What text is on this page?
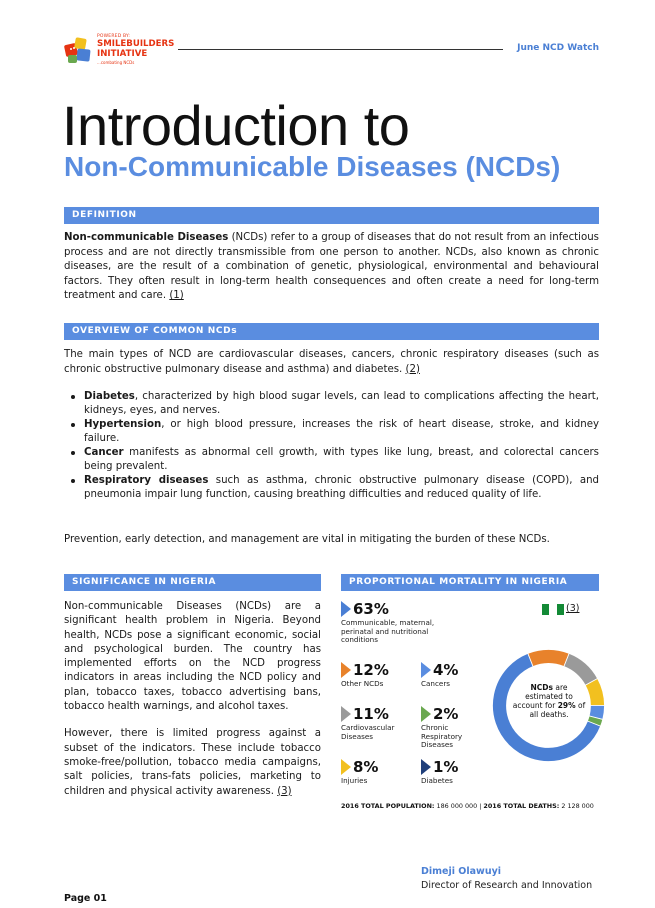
POWERED BY:
SMILEBUILDERS INITIATIVE
...combating NCDs
June NCD Watch
Introduction to
Non-Communicable Diseases (NCDs)
DEFINITION
Non-communicable Diseases (NCDs) refer to a group of diseases that do not result from an infectious process and are not directly transmissible from one person to another. NCDs, also known as chronic diseases, are the result of a combination of genetic, physiological, environmental and behavioural factors. They often result in long-term health consequences and often create a need for long-term treatment and care. (1)
OVERVIEW OF COMMON NCDs
The main types of NCD are cardiovascular diseases, cancers, chronic respiratory diseases (such as chronic obstructive pulmonary disease and asthma) and diabetes. (2)
Diabetes, characterized by high blood sugar levels, can lead to complications affecting the heart, kidneys, eyes, and nerves.
Hypertension, or high blood pressure, increases the risk of heart disease, stroke, and kidney failure.
Cancer manifests as abnormal cell growth, with types like lung, breast, and colorectal cancers being prevalent.
Respiratory diseases such as asthma, chronic obstructive pulmonary disease (COPD), and pneumonia impair lung function, causing breathing difficulties and reduced quality of life.
Prevention, early detection, and management are vital in mitigating the burden of these NCDs.
SIGNIFICANCE IN NIGERIA

Non-communicable Diseases (NCDs) are a significant health problem in Nigeria. Beyond health, NCDs pose a significant economic, social and psychological burden. The country has implemented efforts on the NCD progress indicators in areas including the NCD policy and plan, tobacco taxes, tobacco advertising bans, tobacco health warnings, and alcohol taxes.

However, there is limited progress against a subset of the indicators. These include tobacco smoke-free/pollution, tobacco media campaigns, salt policies, trans-fats policies, marketing to children and physical activity awareness. (3)

PROPORTIONAL MORTALITY IN NIGERIA
(3)
63%
Communicable, maternal, perinatal and nutritional conditions
12%
Other NCDs
4%
Cancers
11%
Cardiovascular Diseases
2%
Chronic Respiratory Diseases
8%
Injuries
1%
Diabetes
NCDs are estimated to account for 29% of all deaths.
2016 TOTAL POPULATION: 186 000 000 | 2016 TOTAL DEATHS: 2 128 000
Dimeji Olawuyi
Director of Research and Innovation
Page 01
